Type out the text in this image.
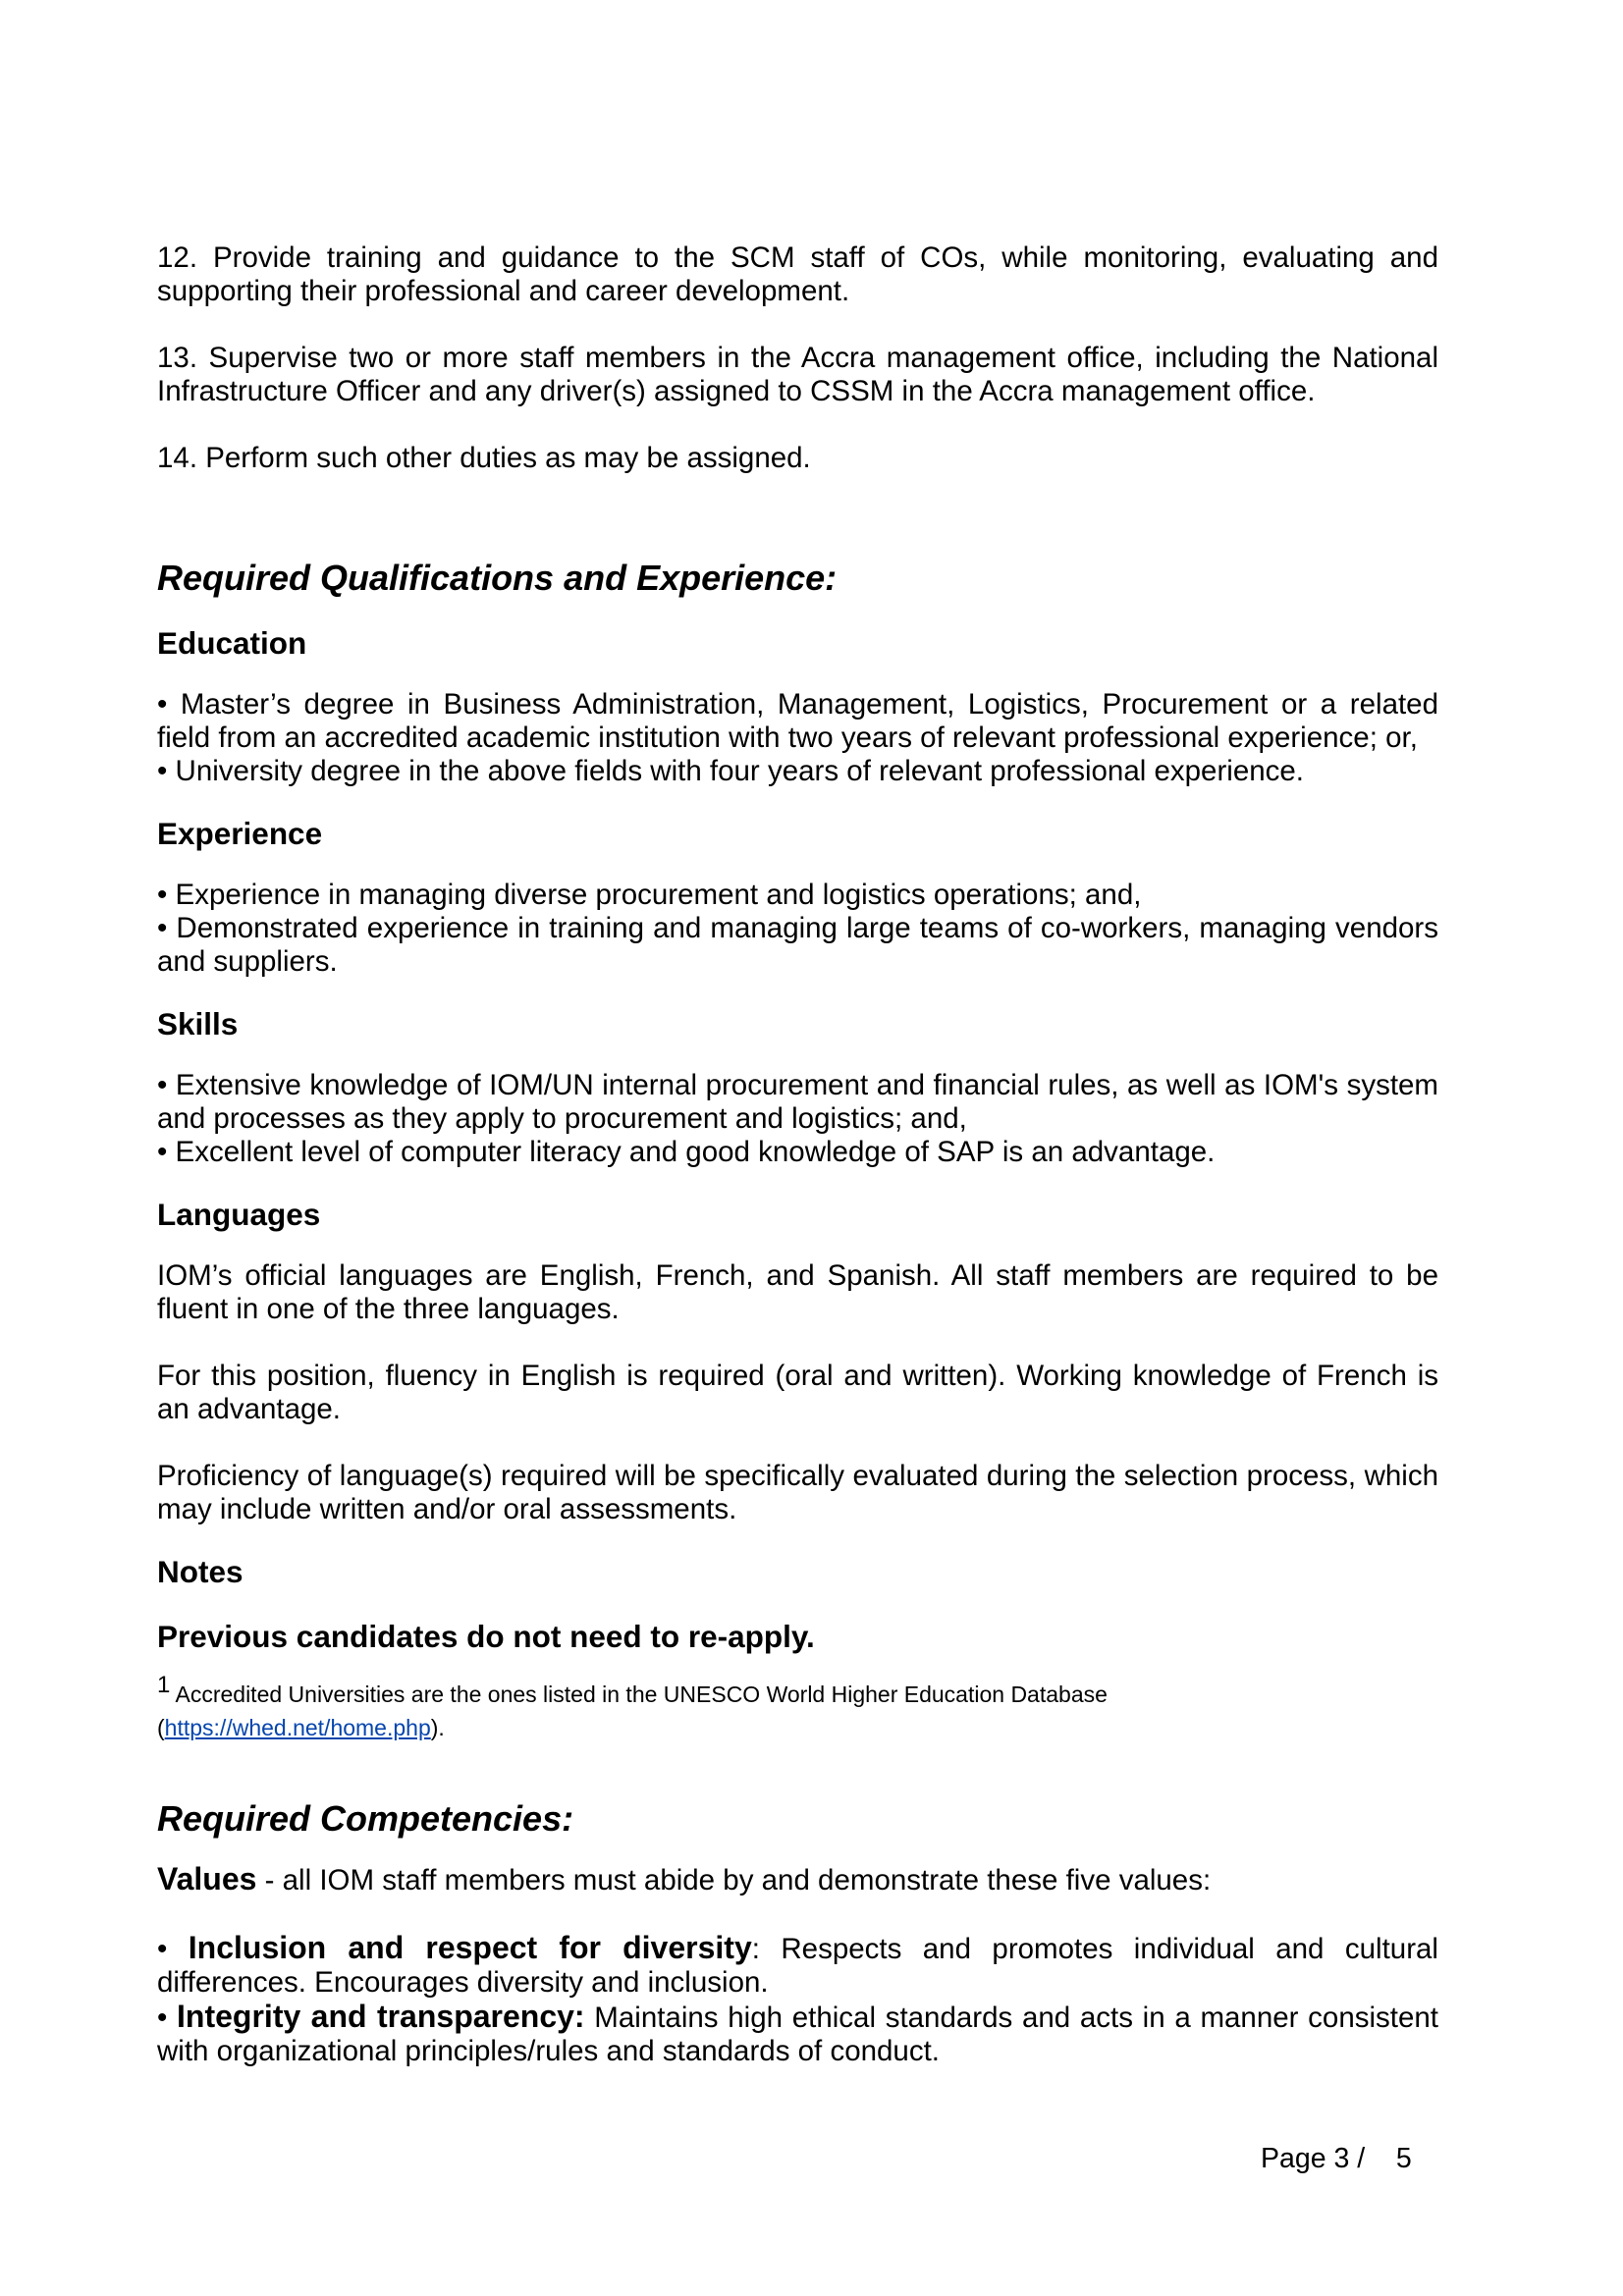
12. Provide training and guidance to the SCM staff of COs, while monitoring, evaluating and supporting their professional and career development.

13. Supervise two or more staff members in the Accra management office, including the National Infrastructure Officer and any driver(s) assigned to CSSM in the Accra management office.

14. Perform such other duties as may be assigned.

Required Qualifications and Experience:
Education

• Master’s degree in Business Administration, Management, Logistics, Procurement or a related field from an accredited academic institution with two years of relevant professional experience; or,

• University degree in the above fields with four years of relevant professional experience.

Experience

• Experience in managing diverse procurement and logistics operations; and,

• Demonstrated experience in training and managing large teams of co-workers, managing vendors and suppliers.

Skills

• Extensive knowledge of IOM/UN internal procurement and financial rules, as well as IOM's system and processes as they apply to procurement and logistics; and,

• Excellent level of computer literacy and good knowledge of SAP is an advantage.

Languages

IOM’s official languages are English, French, and Spanish. All staff members are required to be fluent in one of the three languages.

For this position, fluency in English is required (oral and written). Working knowledge of French is an advantage.

Proficiency of language(s) required will be specifically evaluated during the selection process, which may include written and/or oral assessments.

Notes
Previous candidates do not need to re-apply.
$^1$ Accredited Universities are the ones listed in the UNESCO World Higher Education Database
(https://whed.net/home.php).
Required Competencies:

Values - all IOM staff members must abide by and demonstrate these five values:

• Inclusion and respect for diversity: Respects and promotes individual and cultural differences. Encourages diversity and inclusion.

• Integrity and transparency: Maintains high ethical standards and acts in a manner consistent with organizational principles/rules and standards of conduct.

Page 3 /    5
